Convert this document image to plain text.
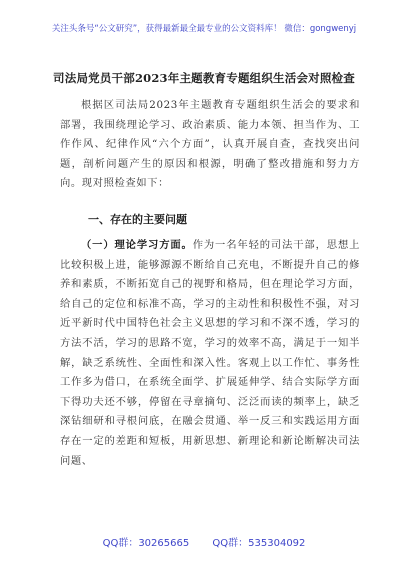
关注头条号“公文研究”，获得最新最全最专业的公文资料库！ 微信：gongwenyj
司法局党员干部2023年主题教育专题组织生活会对照检查
根据区司法局2023年主题教育专题组织生活会的要求和部署，我围绕理论学习、政治素质、能力本领、担当作为、工作作风、纪律作风“六个方面”，认真开展自查，查找突出问题，剖析问题产生的原因和根源，明确了整改措施和努力方向。现对照检查如下：
一、存在的主要问题
（一）理论学习方面。作为一名年轻的司法干部，思想上比较积极上进，能够源源不断给自己充电，不断提升自己的修养和素质，不断拓宽自己的视野和格局，但在理论学习方面，给自己的定位和标准不高，学习的主动性和积极性不强，对习近平新时代中国特色社会主义思想的学习和不深不透，学习的方法不活，学习的思路不宽，学习的效率不高，满足于一知半解，缺乏系统性、全面性和深入性。客观上以工作忙、事务性工作多为借口，在系统全面学、扩展延伸学、结合实际学方面下得功夫还不够，停留在寻章摘句、泛泛而读的频率上，缺乏深钻细研和寻根问底，在融会贯通、举一反三和实践运用方面存在一定的差距和短板，用新思想、新理论和新论断解决司法问题、
QQ群：30265665 QQ群：535304092
